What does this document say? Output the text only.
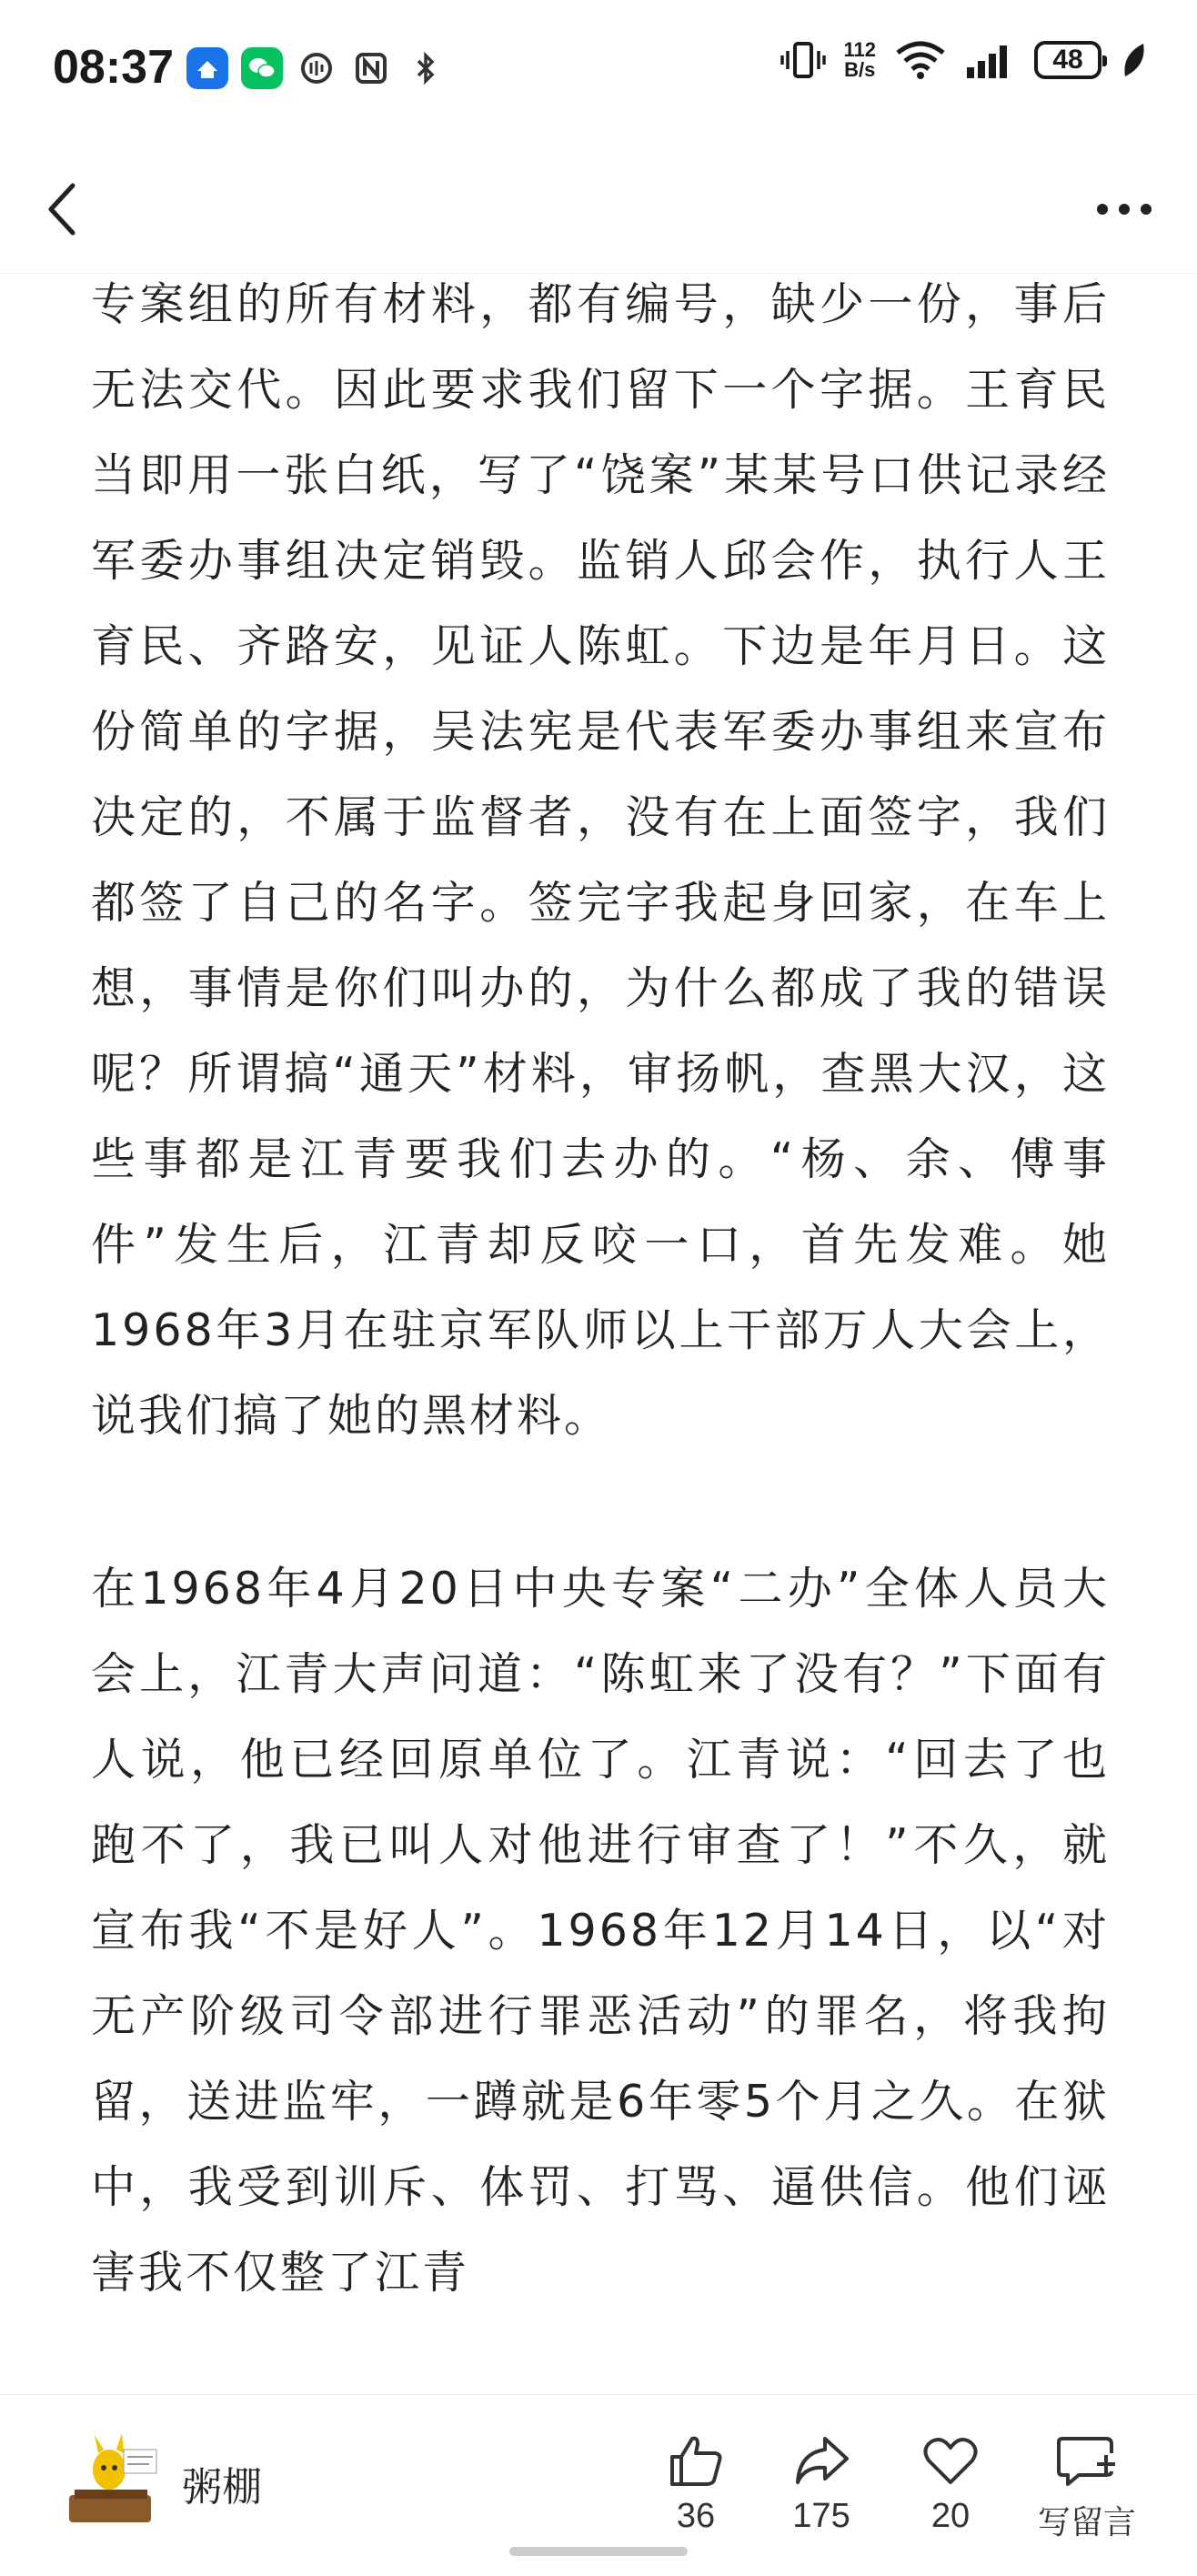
08:37	112
B/s	48

专案组的所有材料，都有编号，缺少一份，事后无法交代。因此要求我们留下一个字据。王育民当即用一张白纸，写了“饶案”某某号口供记录经军委办事组决定销毁。监销人邱会作，执行人王育民、齐路安，见证人陈虹。下边是年月日。这份简单的字据，吴法宪是代表军委办事组来宣布决定的，不属于监督者，没有在上面签字，我们都签了自己的名字。签完字我起身回家，在车上想，事情是你们叫办的，为什么都成了我的错误呢？所谓搞“通天”材料，审扬帆，查黑大汉，这些事都是江青要我们去办的。“杨、余、傅事件”发生后，江青却反咬一口，首先发难。她1968年3月在驻京军队师以上干部万人大会上，说我们搞了她的黑材料。

在1968年4月20日中央专案“二办”全体人员大会上，江青大声问道：“陈虹来了没有？”下面有人说，他已经回原单位了。江青说：“回去了也跑不了，我已叫人对他进行审查了！”不久，就宣布我“不是好人”。1968年12月14日，以“对无产阶级司令部进行罪恶活动”的罪名，将我拘留，送进监牢，一蹲就是6年零5个月之久。在狱中，我受到训斥、体罚、打骂、逼供信。他们诬害我不仅整了江青

粥棚
36	175	20	写留言
